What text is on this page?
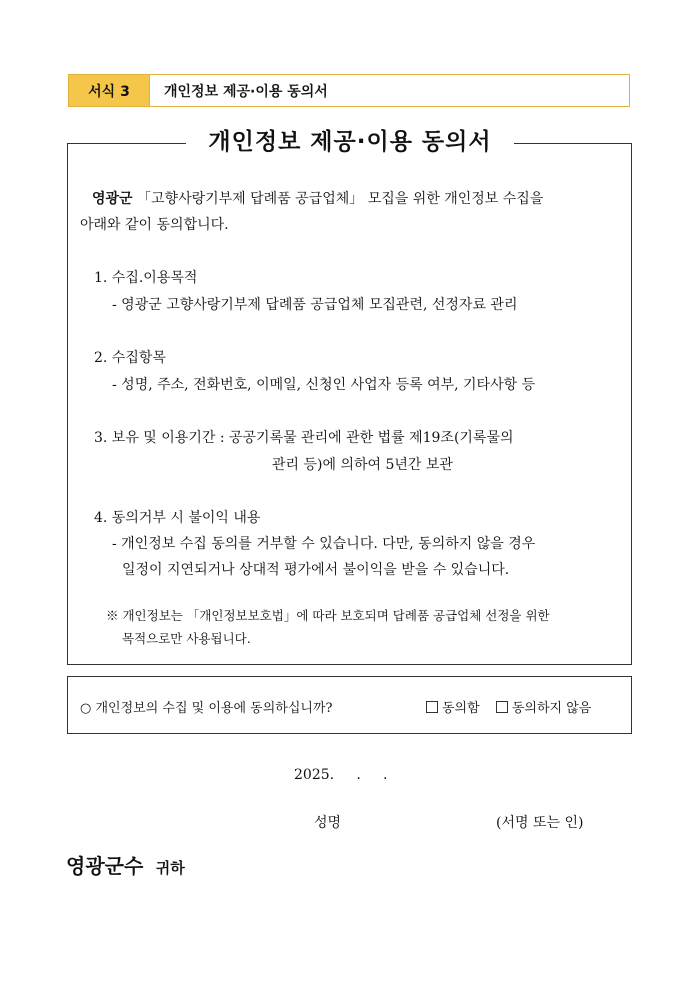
서식 3	개인정보 제공·이용 동의서
개인정보 제공·이용 동의서
영광군 「고향사랑기부제 답례품 공급업체」 모집을 위한 개인정보 수집을
아래와 같이 동의합니다.
1. 수집.이용목적
- 영광군 고향사랑기부제 답례품 공급업체 모집관련, 선정자료 관리
2. 수집항목
- 성명, 주소, 전화번호, 이메일, 신청인 사업자 등록 여부, 기타사항 등
3. 보유 및 이용기간 : 공공기록물 관리에 관한 법률 제19조(기록물의
관리 등)에 의하여 5년간 보관
4. 동의거부 시 불이익 내용
- 개인정보 수집 동의를 거부할 수 있습니다. 다만, 동의하지 않을 경우
일정이 지연되거나 상대적 평가에서 불이익을 받을 수 있습니다.
※ 개인정보는 「개인정보보호법」에 따라 보호되며 답례품 공급업체 선정을 위한
목적으로만 사용됩니다.
○ 개인정보의 수집 및 이용에 동의하십니까?	동의함 동의하지 않음
2025.     .     .
성명	(서명 또는 인)
영광군수 귀하
